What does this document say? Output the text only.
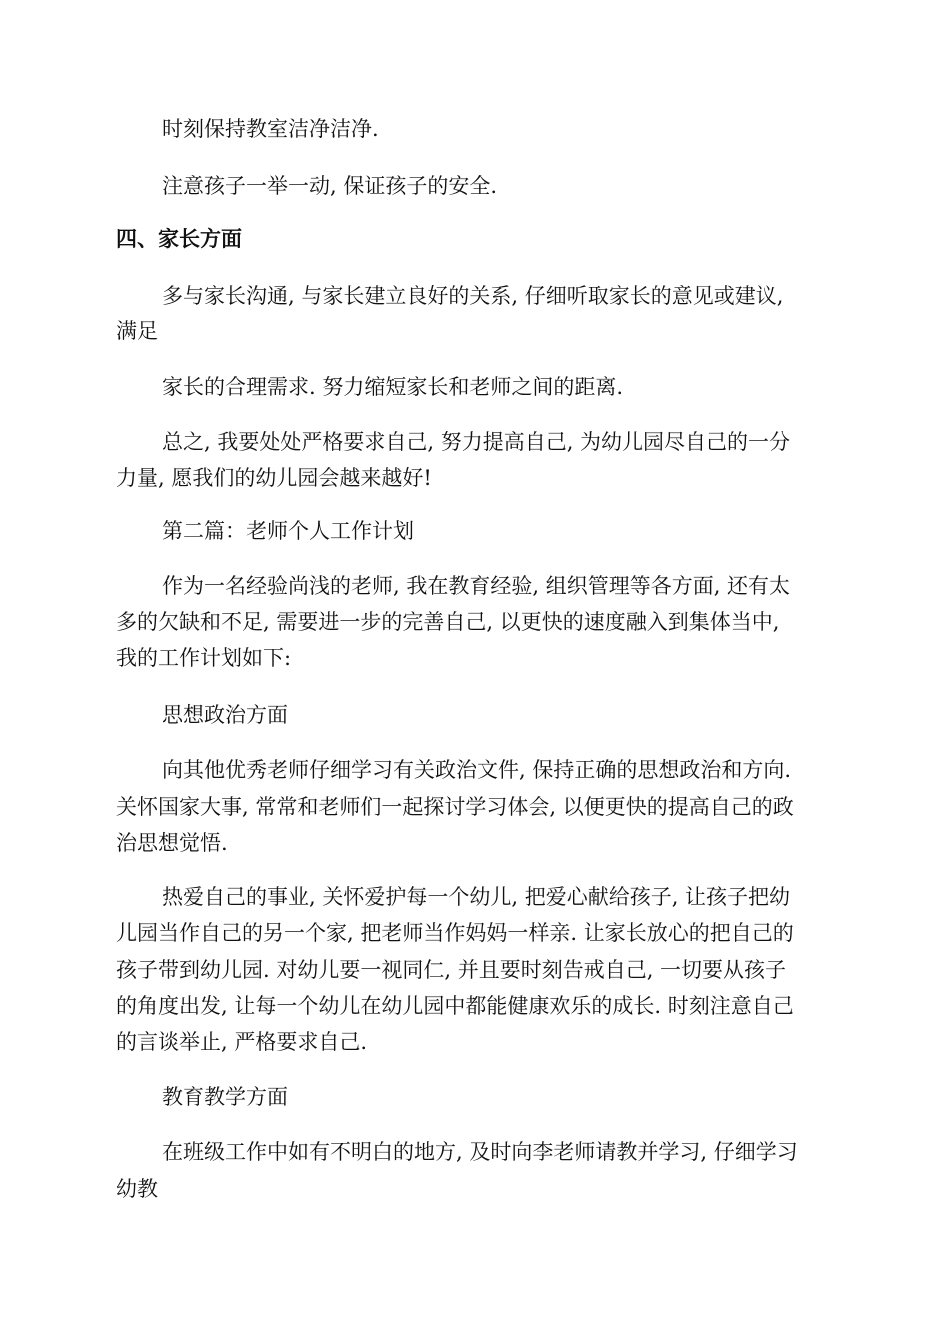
时刻保持教室洁净洁净.
注意孩子一举一动, 保证孩子的安全.
四、家长方面
多与家长沟通, 与家长建立良好的关系, 仔细听取家长的意见或建议,
满足
家长的合理需求. 努力缩短家长和老师之间的距离.
总之, 我要处处严格要求自己, 努力提高自己, 为幼儿园尽自己的一分
力量, 愿我们的幼儿园会越来越好!
第二篇：老师个人工作计划
作为一名经验尚浅的老师, 我在教育经验, 组织管理等各方面, 还有太
多的欠缺和不足, 需要进一步的完善自己, 以更快的速度融入到集体当中,
我的工作计划如下:
思想政治方面
向其他优秀老师仔细学习有关政治文件, 保持正确的思想政治和方向.
关怀国家大事, 常常和老师们一起探讨学习体会, 以便更快的提高自己的政
治思想觉悟.
热爱自己的事业, 关怀爱护每一个幼儿, 把爱心献给孩子, 让孩子把幼
儿园当作自己的另一个家, 把老师当作妈妈一样亲. 让家长放心的把自己的
孩子带到幼儿园. 对幼儿要一视同仁, 并且要时刻告戒自己, 一切要从孩子
的角度出发, 让每一个幼儿在幼儿园中都能健康欢乐的成长. 时刻注意自己
的言谈举止, 严格要求自己.
教育教学方面
在班级工作中如有不明白的地方, 及时向李老师请教并学习, 仔细学习
幼教
